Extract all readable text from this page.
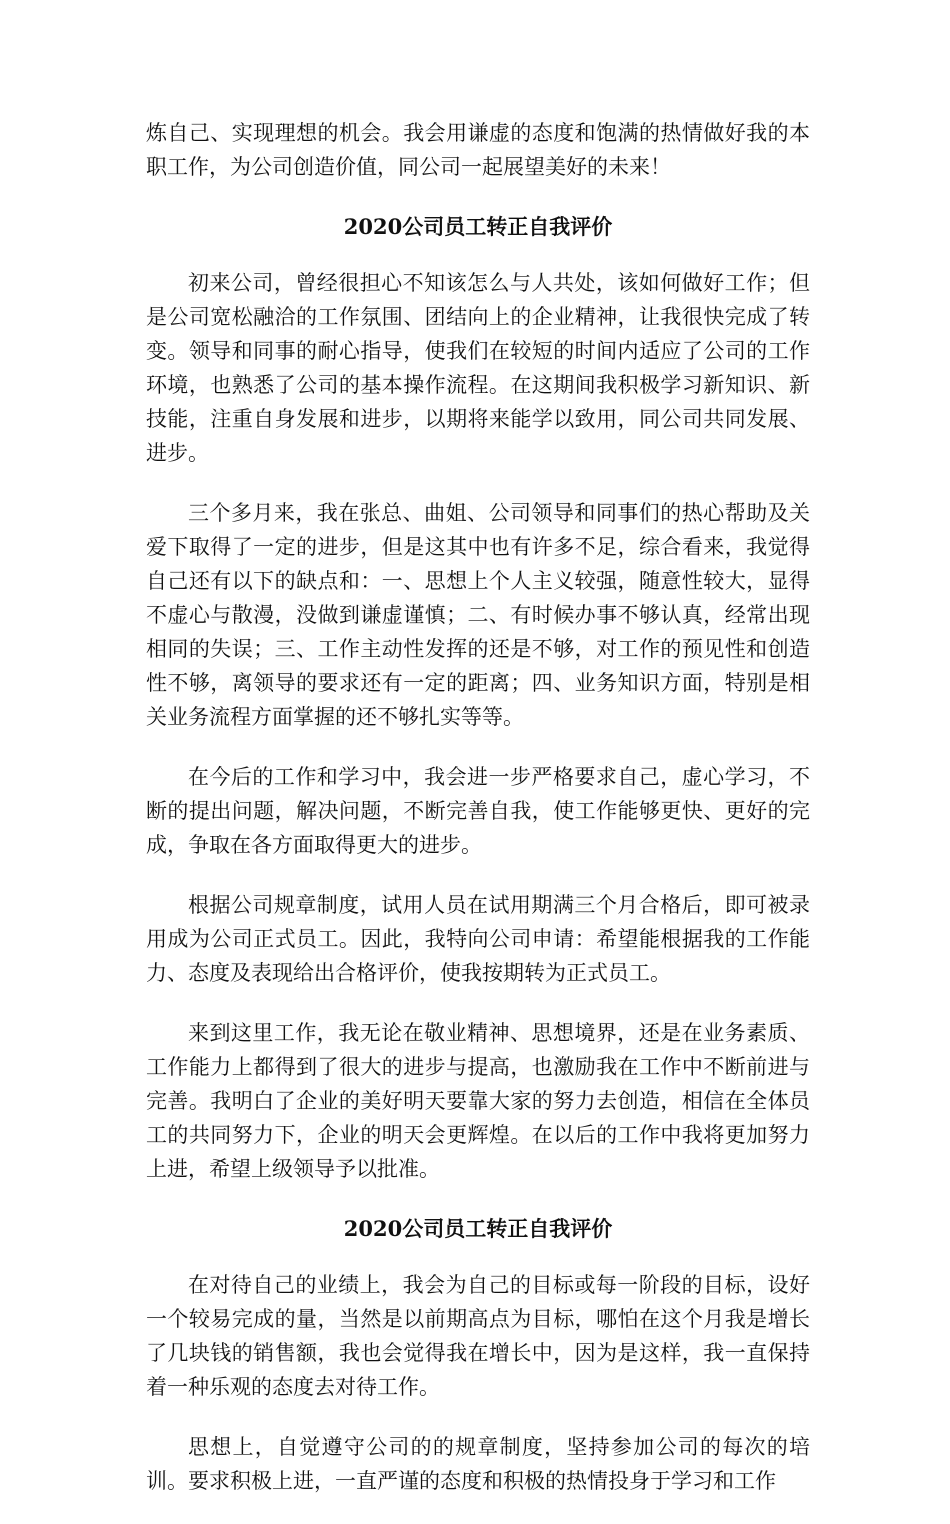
炼自己、实现理想的机会。我会用谦虚的态度和饱满的热情做好我的本职工作，为公司创造价值，同公司一起展望美好的未来！

2020公司员工转正自我评价

初来公司，曾经很担心不知该怎么与人共处，该如何做好工作；但是公司宽松融洽的工作氛围、团结向上的企业精神，让我很快完成了转变。领导和同事的耐心指导，使我们在较短的时间内适应了公司的工作环境，也熟悉了公司的基本操作流程。在这期间我积极学习新知识、新技能，注重自身发展和进步，以期将来能学以致用，同公司共同发展、进步。

三个多月来，我在张总、曲姐、公司领导和同事们的热心帮助及关爱下取得了一定的进步，但是这其中也有许多不足，综合看来，我觉得自己还有以下的缺点和：一、思想上个人主义较强，随意性较大，显得不虚心与散漫，没做到谦虚谨慎；二、有时候办事不够认真，经常出现相同的失误；三、工作主动性发挥的还是不够，对工作的预见性和创造性不够，离领导的要求还有一定的距离；四、业务知识方面，特别是相关业务流程方面掌握的还不够扎实等等。

在今后的工作和学习中，我会进一步严格要求自己，虚心学习，不断的提出问题，解决问题，不断完善自我，使工作能够更快、更好的完成，争取在各方面取得更大的进步。

根据公司规章制度，试用人员在试用期满三个月合格后，即可被录用成为公司正式员工。因此，我特向公司申请：希望能根据我的工作能力、态度及表现给出合格评价，使我按期转为正式员工。

来到这里工作，我无论在敬业精神、思想境界，还是在业务素质、工作能力上都得到了很大的进步与提高，也激励我在工作中不断前进与完善。我明白了企业的美好明天要靠大家的努力去创造，相信在全体员工的共同努力下，企业的明天会更辉煌。在以后的工作中我将更加努力上进，希望上级领导予以批准。

2020公司员工转正自我评价

在对待自己的业绩上，我会为自己的目标或每一阶段的目标，设好一个较易完成的量，当然是以前期高点为目标，哪怕在这个月我是增长了几块钱的销售额，我也会觉得我在增长中，因为是这样，我一直保持着一种乐观的态度去对待工作。

思想上，自觉遵守公司的的规章制度，坚持参加公司的每次的培训。要求积极上进，一直严谨的态度和积极的热情投身于学习和工作
